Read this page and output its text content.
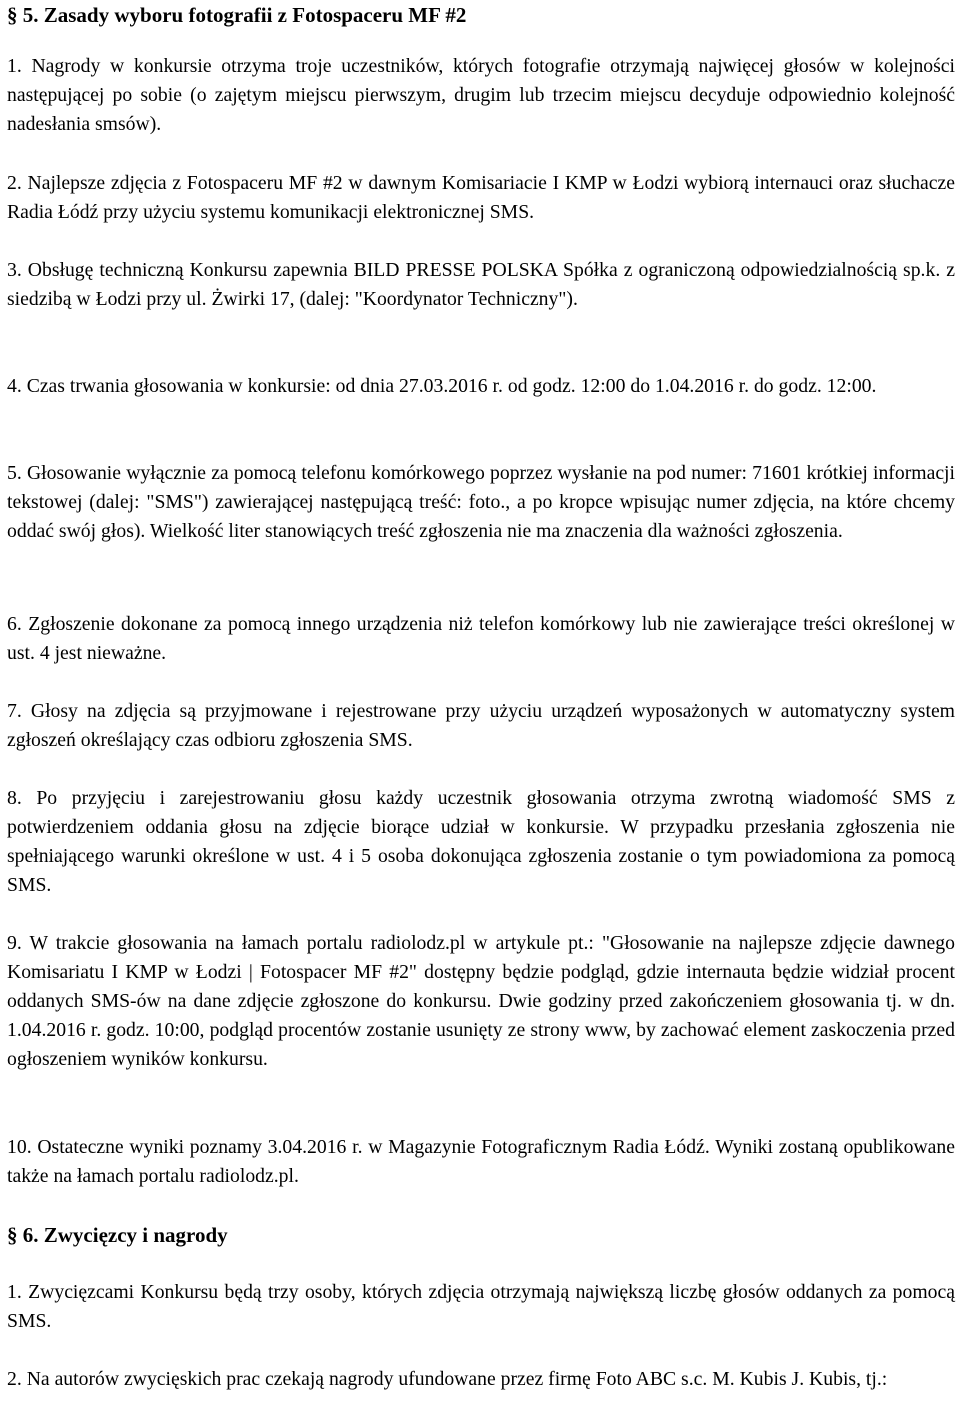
§ 5. Zasady wyboru fotografii z Fotospaceru MF #2

1. Nagrody w konkursie otrzyma troje uczestników, których fotografie otrzymają najwięcej głosów w kolejności następującej po sobie (o zajętym miejscu pierwszym, drugim lub trzecim miejscu decyduje odpowiednio kolejność nadesłania smsów).

2. Najlepsze zdjęcia z Fotospaceru MF #2 w dawnym Komisariacie I KMP w Łodzi wybiorą internauci oraz słuchacze Radia Łódź przy użyciu systemu komunikacji elektronicznej SMS.

3. Obsługę techniczną Konkursu zapewnia BILD PRESSE POLSKA Spółka z ograniczoną odpowiedzialnością sp.k. z siedzibą w Łodzi przy ul. Żwirki 17, (dalej: "Koordynator Techniczny").

4. Czas trwania głosowania w konkursie: od dnia 27.03.2016 r. od godz. 12:00 do 1.04.2016 r. do godz. 12:00.

5. Głosowanie wyłącznie za pomocą telefonu komórkowego poprzez wysłanie na pod numer: 71601 krótkiej informacji tekstowej (dalej: "SMS") zawierającej następującą treść: foto., a po kropce wpisując numer zdjęcia, na które chcemy oddać swój głos). Wielkość liter stanowiących treść zgłoszenia nie ma znaczenia dla ważności zgłoszenia.

6. Zgłoszenie dokonane za pomocą innego urządzenia niż telefon komórkowy lub nie zawierające treści określonej w ust. 4 jest nieważne.

7. Głosy na zdjęcia są przyjmowane i rejestrowane przy użyciu urządzeń wyposażonych w automatyczny system zgłoszeń określający czas odbioru zgłoszenia SMS.

8. Po przyjęciu i zarejestrowaniu głosu każdy uczestnik głosowania otrzyma zwrotną wiadomość SMS z potwierdzeniem oddania głosu na zdjęcie biorące udział w konkursie. W przypadku przesłania zgłoszenia nie spełniającego warunki określone w ust. 4 i 5 osoba dokonująca zgłoszenia zostanie o tym powiadomiona za pomocą SMS.

9. W trakcie głosowania na łamach portalu radiolodz.pl w artykule pt.: "Głosowanie na najlepsze zdjęcie dawnego Komisariatu I KMP w Łodzi | Fotospacer MF #2" dostępny będzie podgląd, gdzie internauta będzie widział procent oddanych SMS-ów na dane zdjęcie zgłoszone do konkursu. Dwie godziny przed zakończeniem głosowania tj. w dn. 1.04.2016 r. godz. 10:00, podgląd procentów zostanie usunięty ze strony www, by zachować element zaskoczenia przed ogłoszeniem wyników konkursu.

10. Ostateczne wyniki poznamy 3.04.2016 r. w Magazynie Fotograficznym Radia Łódź. Wyniki zostaną opublikowane także na łamach portalu radiolodz.pl.

§ 6. Zwycięzcy i nagrody

1. Zwycięzcami Konkursu będą trzy osoby, których zdjęcia otrzymają największą liczbę głosów oddanych za pomocą SMS.

2. Na autorów zwycięskich prac czekają nagrody ufundowane przez firmę Foto ABC s.c. M. Kubis J. Kubis, tj.:
